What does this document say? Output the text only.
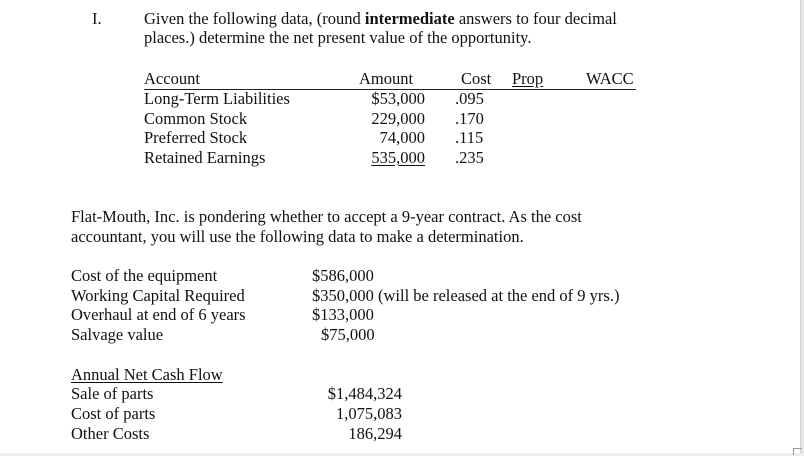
I.	Given the following data, (round intermediate answers to four decimal
places.) determine the net present value of the opportunity.
Account	Amount	Cost Prop	WACC
Long-Term Liabilities	$53,000 .095
Common Stock	229,000 .170
Preferred Stock	74,000 .115
Retained Earnings	535,000 .235
Flat-Mouth, Inc. is pondering whether to accept a 9-year contract. As the cost
accountant, you will use the following data to make a determination.
Cost of the equipment	$586,000
Working Capital Required	$350,000 (will be released at the end of 9 yrs.)
Overhaul at end of 6 years	$133,000
Salvage value	$75,000
Annual Net Cash Flow
Sale of parts	$1,484,324
Cost of parts	1,075,083
Other Costs	186,294
